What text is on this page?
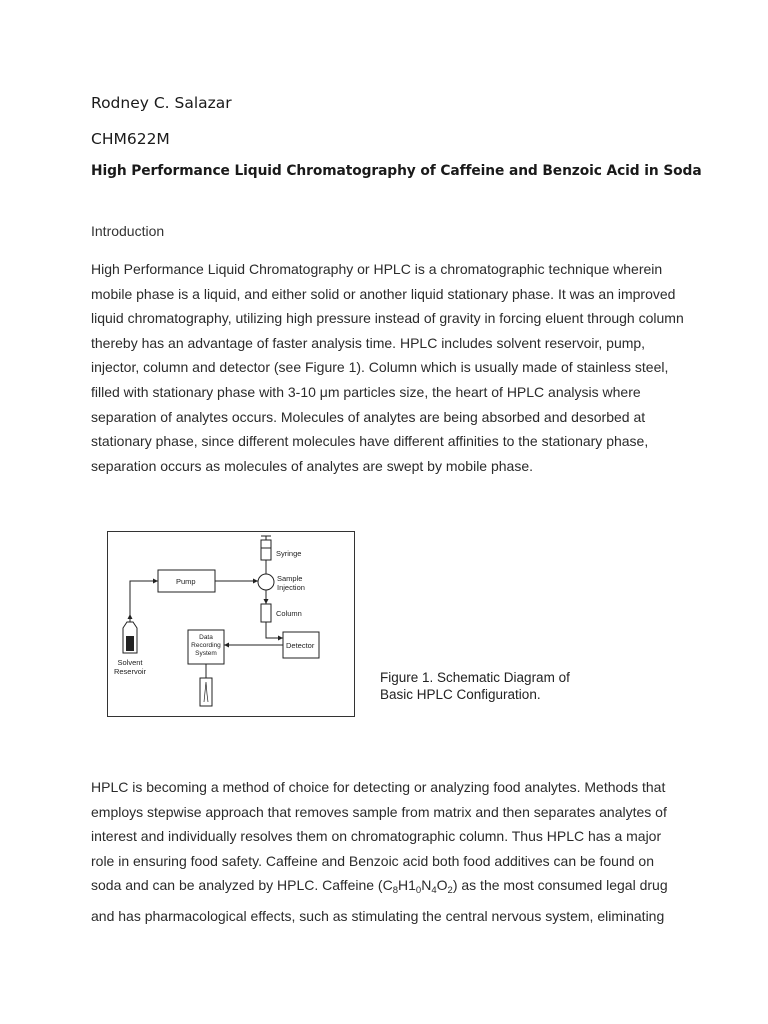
Rodney C. Salazar
CHM622M
High Performance Liquid Chromatography of Caffeine and Benzoic Acid in Soda
Introduction

High Performance Liquid Chromatography or HPLC is a chromatographic technique wherein
mobile phase is a liquid, and either solid or another liquid stationary phase. It was an improved
liquid chromatography, utilizing high pressure instead of gravity in forcing eluent through column
thereby has an advantage of faster analysis time. HPLC includes solvent reservoir, pump,
injector, column and detector (see Figure 1). Column which is usually made of stainless steel,
filled with stationary phase with 3-10 μm particles size, the heart of HPLC analysis where
separation of analytes occurs. Molecules of analytes are being absorbed and desorbed at
stationary phase, since different molecules have different affinities to the stationary phase,
separation occurs as molecules of analytes are swept by mobile phase.

Pump
Syringe
Sample
Injection
Column
Detector
Data
Recording
System
Solvent
Reservoir	Figure 1. Schematic Diagram of
Basic HPLC Configuration.

HPLC is becoming a method of choice for detecting or analyzing food analytes. Methods that
employs stepwise approach that removes sample from matrix and then separates analytes of
interest and individually resolves them on chromatographic column. Thus HPLC has a major
role in ensuring food safety. Caffeine and Benzoic acid both food additives can be found on
soda and can be analyzed by HPLC. Caffeine $(C_8H1_0N_4O_2)$ as the most consumed legal drug
and has pharmacological effects, such as stimulating the central nervous system, eliminating
